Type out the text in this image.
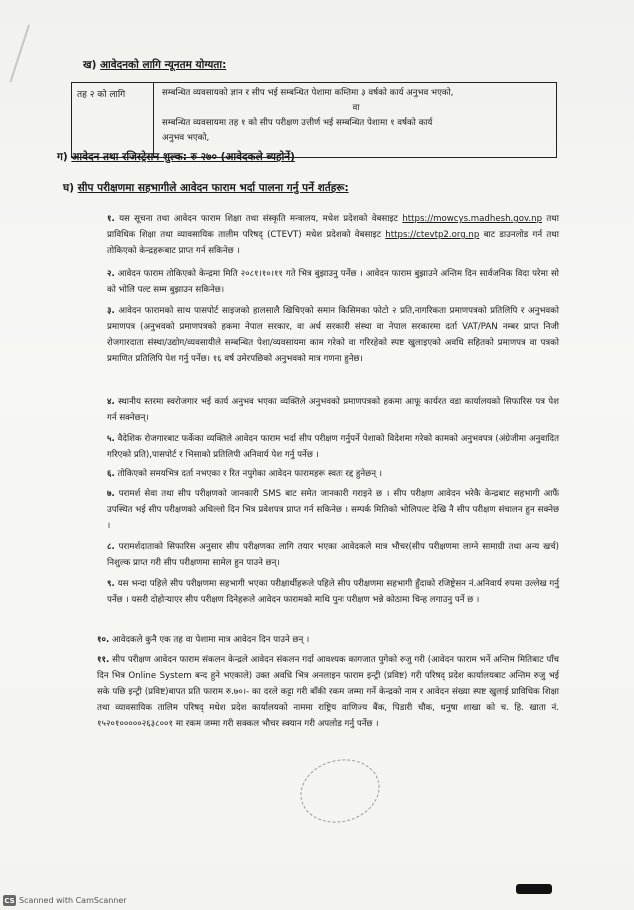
ख) आवेदनको लागि न्यूनतम योग्यता:
तह २ को लागि	सम्बन्धित व्यवसायको ज्ञान र सीप भई सम्बन्धित पेशामा कम्तिमा ३ वर्षको कार्य अनुभव भएको,
वा
सम्बन्धित व्यवसायमा तह १ को सीप परीक्षण उत्तीर्ण भई सम्बन्धित पेशामा १ वर्षको कार्य
अनुभव भएको,
ग) आवेदन तथा रजिस्ट्रेसन शुल्क: रु २७० (आवेदकले ब्यहोर्ने)
घ) सीप परीक्षणमा सहभागीले आवेदन फाराम भर्दा पालना गर्नु पर्ने शर्तहरू:

१. यस सूचना तथा आवेदन फाराम शिक्षा तथा संस्कृति मन्त्रालय, मधेश प्रदेशको वेबसाइट https://mowcys.madhesh.gov.np तथा प्राविधिक शिक्षा तथा व्यावसायिक तालीम परिषद् (CTEVT) मधेश प्रदेशको वेबसाइट https://ctevtp2.org.np बाट डाउनलोड गर्न तथा तोकिएको केन्द्रहरूबाट प्राप्त गर्न सकिनेछ ।

२. आवेदन फाराम तोकिएको केन्द्रमा मिति २०८१।१०।११ गते भित्र बुझाउनु पर्नेछ । आवेदन फाराम बुझाउने अन्तिम दिन सार्वजनिक विदा परेमा सो को भोलि पल्ट सम्म बुझाउन सकिनेछ।

३. आवेदन फारामको साथ पासपोर्ट साइजको हालसालै खिचिएको समान किसिमका फोटो २ प्रति,नागरिकता प्रमाणपत्रको प्रतिलिपि र अनुभवको प्रमाणपत्र (अनुभवको प्रमाणपत्रको हकमा नेपाल सरकार, वा अर्ध सरकारी संस्था वा नेपाल सरकारमा दर्ता VAT/PAN नम्बर प्राप्त निजी रोजगारदाता संस्था/उद्योग/व्यवसायीले सम्बन्धित पेशा/व्यवसायमा काम गरेको वा गरिरहेको स्पष्ट खुलाइएको अवधि सहितको प्रमाणपत्र वा पत्रको प्रमाणित प्रतिलिपि पेश गर्नु पर्नेछ। १६ वर्ष उमेरपछिको अनुभवको मात्र गणना हुनेछ।

४. स्थानीय स्तरमा स्वरोजगार भई कार्य अनुभव भएका व्यक्तिले अनुभवको प्रमाणपत्रको हकमा आफू कार्यरत वडा कार्यालयको सिफारिस पत्र पेश गर्न सक्नेछन्।

५. वैदेशिक रोजगारबाट फर्केका व्यक्तिले आवेदन फाराम भर्दा सीप परीक्षण गर्नुपर्ने पेशाको विदेशमा गरेको कामको अनुभवपत्र (अंग्रेजीमा अनुवादित गरिएको प्रति),पासपोर्ट र भिसाको प्रतिलिपी अनिवार्य पेश गर्नु पर्नेछ ।

६. तोकिएको समयभित्र दर्ता नभएका र रित नपुगेका आवेदन फारामहरू स्वतः रद्द हुनेछन् ।

७. परामर्श सेवा तथा सीप परीक्षणको जानकारी SMS बाट समेत जानकारी गराइने छ । सीप परीक्षण आवेदन भरेकै केन्द्रबाट सहभागी आफैं उपस्थित भई सीप परीक्षणको अधिल्लो दिन भित्र प्रवेशपत्र प्राप्त गर्न सकिनेछ । सम्पर्क मितिको भोलिपल्ट देखि नै सीप परीक्षण संचालन हुन सक्नेछ ।

८. परामर्शदाताको सिफारिस अनुसार सीप परीक्षणका लागि तयार भएका आवेदकले मात्र भौचर(सीप परीक्षणमा लाग्ने सामाग्री तथा अन्य खर्च) निशुल्क प्राप्त गरी सीप परीक्षणमा सामेल हुन पाउने छन्।

९. यस भन्दा पहिले सीप परीक्षणमा सहभागी भएका परीक्षार्थीहरूले पहिले सीप परीक्षणमा सहभागी हुँदाको रजिष्ट्रेसन नं.अनिवार्य रुपमा उल्लेख गर्नु पर्नेछ । यसरी दोहोऱ्याएर सीप परीक्षण दिनेहरूले आवेदन फारामको माथि पुनः परीक्षण भन्ने कोठामा चिन्ह लगाउनु पर्ने छ ।

१०. आवेदकले कुनै एक तह वा पेशामा मात्र आवेदन दिन पाउने छन् ।

११. सीप परीक्षण आवेदन फाराम संकलन केन्द्रले आवेदन संकलन गर्दा आवश्यक कागजात पुगेको रुजु गरी (आवेदन फाराम भर्ने अन्तिम मितिबाट पाँच दिन भित्र Online System बन्द हुने भएकाले) उक्त अवधि भित्र अनलाइन फाराम इन्ट्री (प्रविष्ट) गरी परिषद् प्रदेश कार्यालयबाट अन्तिम रुजु भई सके पछि इन्ट्री (प्रविष्ट)बापत प्रति फाराम रु.७०।- का दरले कट्टा गरी बाँकी रकम जम्मा गर्ने केन्द्रको नाम र आवेदन संख्या स्पष्ट खुलाई प्राविधिक शिक्षा तथा व्यावसायिक तालिम परिषद् मधेश प्रदेश कार्यालयको नाममा राष्ट्रिय वाणिज्य बैंक, पिडारी चौक, धनुषा शाखा को च. हि. खाता नं. १५२०१०००००२६३८००१ मा रकम जम्मा गरी सक्कल भौचर स्क्यान गरी अपलोड गर्नु पर्नेछ ।

CS Scanned with CamScanner
